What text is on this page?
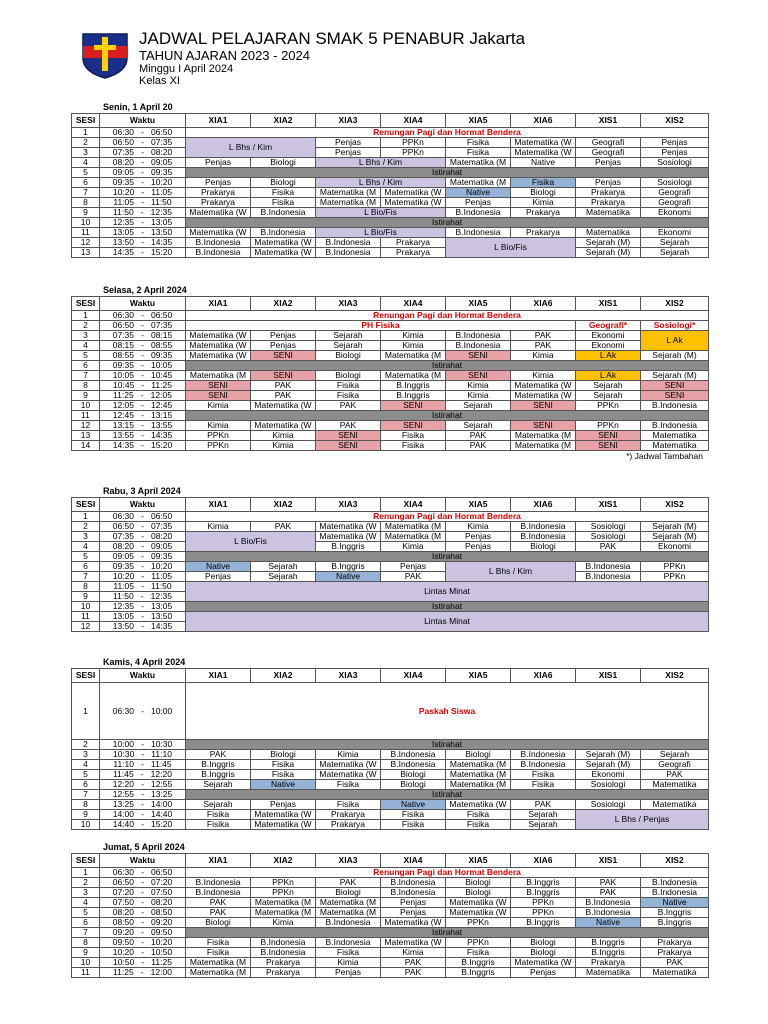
JADWAL PELAJARAN SMAK 5 PENABUR Jakarta
TAHUN AJARAN 2023 - 2024
Minggu I April 2024
Kelas XI
Senin, 1 April 20
SESI	Waktu	XIA1	XIA2	XIA3	XIA4	XIA5	XIA6	XIS1	XIS2
1	06:30   -   06:50	Renungan Pagi dan Hormat Bendera							
2	06:50   -   07:35	L Bhs / Kim		Penjas	PPKn	Fisika	Matematika (W	Geografi	Penjas
3	07:35   -   08:20			Penjas	PPKn	Fisika	Matematika (W	Geografi	Penjas
4	08:20   -   09:05	Penjas	Biologi	L Bhs / Kim		Matematika (M	Native	Penjas	Sosiologi
5	09:05   -   09:35	Istirahat							
6	09:35   -   10:20	Penjas	Biologi	L Bhs / Kim		Matematika (M	Fisika	Penjas	Sosiologi
7	10:20   -   11:05	Prakarya	Fisika	Matematika (M	Matematika (W	Native	Biologi	Prakarya	Geografi
8	11:05   -   11:50	Prakarya	Fisika	Matematika (M	Matematika (W	Penjas	Kimia	Prakarya	Geografi
9	11:50   -   12:35	Matematika (W	B.Indonesia	L Bio/Fis		B.Indonesia	Prakarya	Matematika	Ekonomi
10	12:35   -   13:05	Istirahat							
11	13:05   -   13:50	Matematika (W	B.Indonesia	L Bio/Fis		B.Indonesia	Prakarya	Matematika	Ekonomi
12	13:50   -   14:35	B.Indonesia	Matematika (W	B.Indonesia	Prakarya	L Bio/Fis		Sejarah (M)	Sejarah
13	14:35   -   15:20	B.Indonesia	Matematika (W	B.Indonesia	Prakarya			Sejarah (M)	Sejarah
Selasa, 2 April 2024
SESI	Waktu	XIA1	XIA2	XIA3	XIA4	XIA5	XIA6	XIS1	XIS2
1	06:30   -   06:50	Renungan Pagi dan Hormat Bendera							
2	06:50   -   07:35	PH Fisika						Geografi*	Sosiologi*
3	07:35   -   08:15	Matematika (W	Penjas	Sejarah	Kimia	B.Indonesia	PAK	Ekonomi	L Ak
4	08:15   -   08:55	Matematika (W	Penjas	Sejarah	Kimia	B.Indonesia	PAK	Ekonomi	
5	08:55   -   09:35	Matematika (W	SENI	Biologi	Matematika (M	SENI	Kimia	L Ak	Sejarah (M)
6	09:35   -   10:05	Istirahat							
7	10:05   -   10:45	Matematika (M	SENI	Biologi	Matematika (M	SENI	Kimia	L Ak	Sejarah (M)
8	10:45   -   11:25	SENI	PAK	Fisika	B.Inggris	Kimia	Matematika (W	Sejarah	SENI
9	11:25   -   12:05	SENI	PAK	Fisika	B.Inggris	Kimia	Matematika (W	Sejarah	SENI
10	12:05   -   12:45	Kimia	Matematika (W	PAK	SENI	Sejarah	SENI	PPKn	B.Indonesia
11	12:45   -   13:15	Istirahat							
12	13:15   -   13:55	Kimia	Matematika (W	PAK	SENI	Sejarah	SENI	PPKn	B.Indonesia
13	13:55   -   14:35	PPKn	Kimia	SENI	Fisika	PAK	Matematika (M	SENI	Matematika
14	14:35   -   15:20	PPKn	Kimia	SENI	Fisika	PAK	Matematika (M	SENI	Matematika
*) Jadwal Tambahan
Rabu, 3 April 2024
SESI	Waktu	XIA1	XIA2	XIA3	XIA4	XIA5	XIA6	XIS1	XIS2
1	06:30   -   06:50	Renungan Pagi dan Hormat Bendera							
2	06:50   -   07:35	Kimia	PAK	Matematika (W	Matematika (M	Kimia	B.Indonesia	Sosiologi	Sejarah (M)
3	07:35   -   08:20	L Bio/Fis		Matematika (W	Matematika (M	Penjas	B.Indonesia	Sosiologi	Sejarah (M)
4	08:20   -   09:05			B.Inggris	Kimia	Penjas	Biologi	PAK	Ekonomi
5	09:05   -   09:35	Istirahat							
6	09:35   -   10:20	Native	Sejarah	B.Inggris	Penjas	L Bhs / Kim		B.Indonesia	PPKn
7	10:20   -   11:05	Penjas	Sejarah	Native	PAK			B.Indonesia	PPKn
8	11:05   -   11:50	Lintas Minat							
9	11:50   -   12:35								
10	12:35   -   13:05	Istirahat							
11	13:05   -   13:50	Lintas Minat							
12	13:50   -   14:35								
Kamis, 4 April 2024
SESI	Waktu	XIA1	XIA2	XIA3	XIA4	XIA5	XIA6	XIS1	XIS2
1	06:30   -   10:00	Paskah Siswa							
2	10:00   -   10:30	Istirahat							
3	10:30   -   11:10	PAK	Biologi	Kimia	B.Indonesia	Biologi	B.Indonesia	Sejarah (M)	Sejarah
4	11:10   -   11:45	B.Inggris	Fisika	Matematika (W	B.Indonesia	Matematika (M	B.Indonesia	Sejarah (M)	Geografi
5	11:45   -   12:20	B.Inggris	Fisika	Matematika (W	Biologi	Matematika (M	Fisika	Ekonomi	PAK
6	12:20   -   12:55	Sejarah	Native	Fisika	Biologi	Matematika (M	Fisika	Sosiologi	Matematika
7	12:55   -   13:25	Istirahat							
8	13:25   -   14:00	Sejarah	Penjas	Fisika	Native	Matematika (W	PAK	Sosiologi	Matematika
9	14:00   -   14:40	Fisika	Matematika (W	Prakarya	Fisika	Fisika	Sejarah	L Bhs / Penjas	
10	14:40   -   15:20	Fisika	Matematika (W	Prakarya	Fisika	Fisika	Sejarah		
Jumat, 5 April 2024
SESI	Waktu	XIA1	XIA2	XIA3	XIA4	XIA5	XIA6	XIS1	XIS2
1	06:30   -   06:50	Renungan Pagi dan Hormat Bendera							
2	06:50   -   07:20	B.Indonesia	PPKn	PAK	B.Indonesia	Biologi	B.Inggris	PAK	B.Indonesia
3	07:20   -   07:50	B.Indonesia	PPKn	Biologi	B.Indonesia	Biologi	B.Inggris	PAK	B.Indonesia
4	07:50   -   08:20	PAK	Matematika (M	Matematika (M	Penjas	Matematika (W	PPKn	B.Indonesia	Native
5	08:20   -   08:50	PAK	Matematika (M	Matematika (M	Penjas	Matematika (W	PPKn	B.Indonesia	B.Inggris
6	08:50   -   09:20	Biologi	Kimia	B.Indonesia	Matematika (W	PPKn	B.Inggris	Native	B.Inggris
7	09:20   -   09:50	Istirahat							
8	09:50   -   10:20	Fisika	B.Indonesia	B.Indonesia	Matematika (W	PPKn	Biologi	B.Inggris	Prakarya
9	10:20   -   10:50	Fisika	B.Indonesia	Fisika	Kimia	Fisika	Biologi	B.Inggris	Prakarya
10	10:50   -   11:25	Matematika (M	Prakarya	Kimia	PAK	B.Inggris	Matematika (W	Prakarya	PAK
11	11:25   -   12:00	Matematika (M	Prakarya	Penjas	PAK	B.Inggris	Penjas	Matematika	Matematika
